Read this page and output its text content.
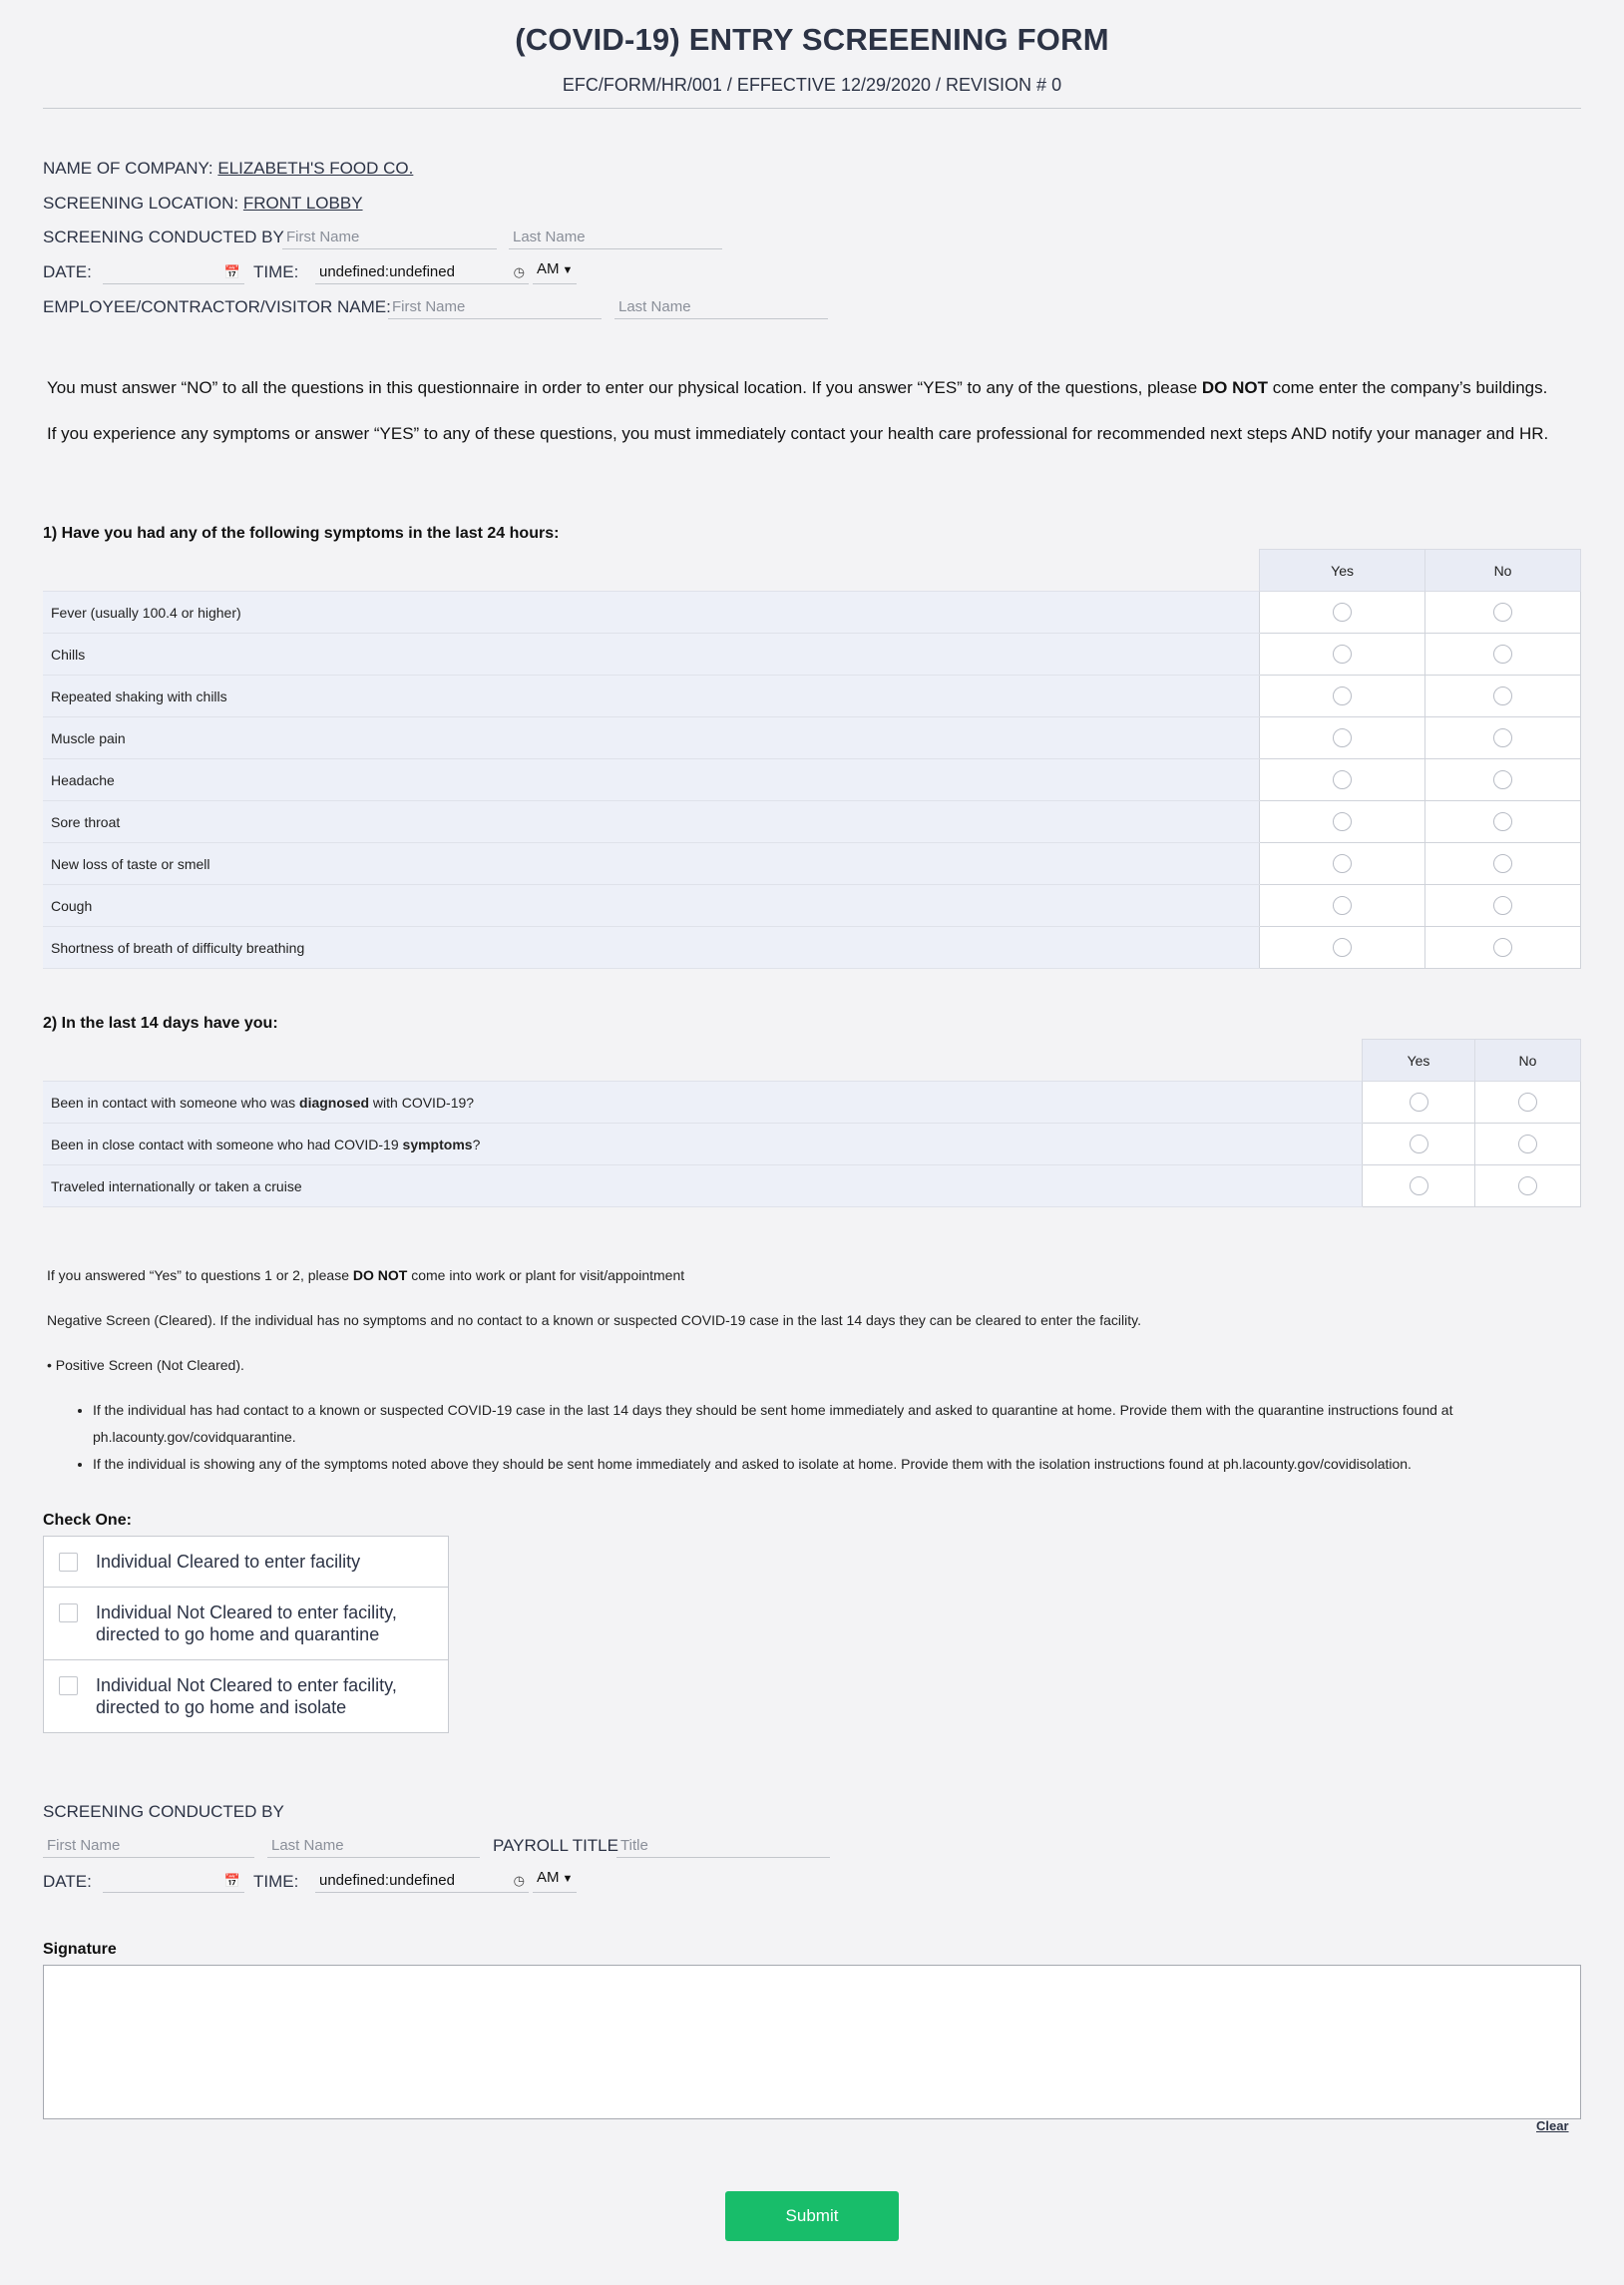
(COVID-19) ENTRY SCREEENING FORM
EFC/FORM/HR/001 / EFFECTIVE 12/29/2020 / REVISION # 0
NAME OF COMPANY: ELIZABETH'S FOOD CO.
SCREENING LOCATION: FRONT LOBBY
SCREENING CONDUCTED BY
First Name
Last Name
DATE:	📅 TIME: undefined:undefined	◷ AM ▼
EMPLOYEE/CONTRACTOR/VISITOR NAME:
First Name
Last Name
You must answer “NO” to all the questions in this questionnaire in order to enter our physical location. If you answer “YES” to any of the questions, please DO NOT come enter the company’s buildings.
If you experience any symptoms or answer “YES” to any of these questions, you must immediately contact your health care professional for recommended next steps AND notify your manager and HR.
1) Have you had any of the following symptoms in the last 24 hours:
	Yes	No
Fever (usually 100.4 or higher)		
Chills		
Repeated shaking with chills		
Muscle pain		
Headache		
Sore throat		
New loss of taste or smell		
Cough		
Shortness of breath of difficulty breathing		
2) In the last 14 days have you:
	Yes	No
Been in contact with someone who was diagnosed with COVID-19?		
Been in close contact with someone who had COVID-19 symptoms?		
Traveled internationally or taken a cruise		
If you answered “Yes” to questions 1 or 2, please DO NOT come into work or plant for visit/appointment
Negative Screen (Cleared). If the individual has no symptoms and no contact to a known or suspected COVID-19 case in the last 14 days they can be cleared to enter the facility.
• Positive Screen (Not Cleared).
• If the individual has had contact to a known or suspected COVID-19 case in the last 14 days they should be sent home immediately and asked to quarantine at home. Provide them with the quarantine instructions found at ph.lacounty.gov/covidquarantine.
• If the individual is showing any of the symptoms noted above they should be sent home immediately and asked to isolate at home. Provide them with the isolation instructions found at ph.lacounty.gov/covidisolation.
Check One:
Individual Cleared to enter facility
Individual Not Cleared to enter facility, directed to go home and quarantine
Individual Not Cleared to enter facility, directed to go home and isolate
SCREENING CONDUCTED BY
First Name
Last Name
PAYROLL TITLE
Title
DATE:	📅 TIME: undefined:undefined	◷ AM ▼
Signature
Clear
Submit
